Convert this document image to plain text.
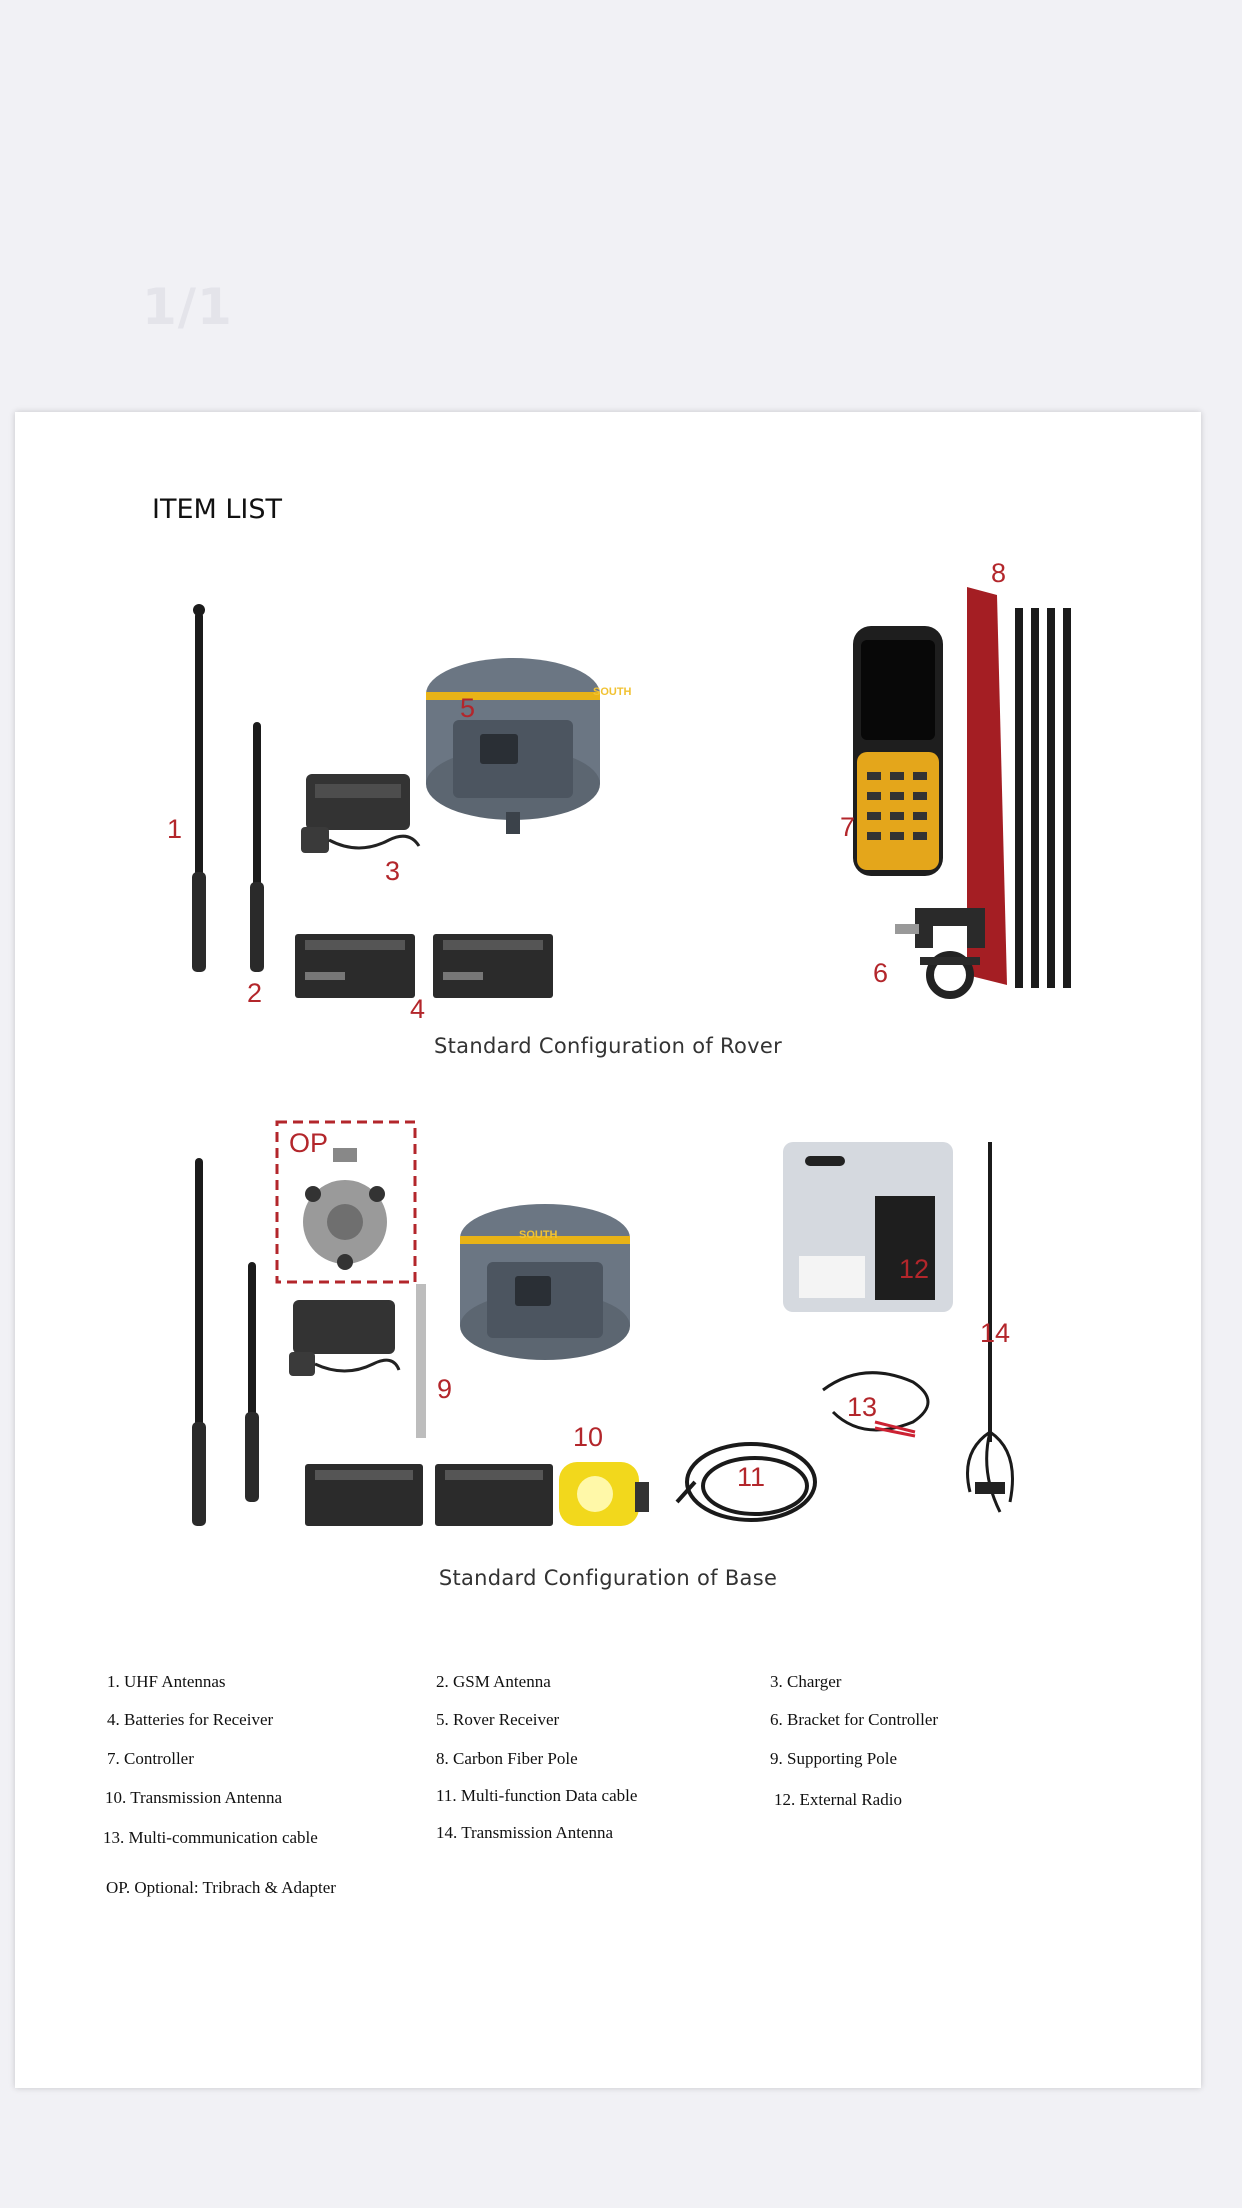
1/1
ITEM LIST
1
2
3
4
5
6
7
8
SOUTH
Standard Configuration of Rover
OP
9
10
11
12
13
14
SOUTH
Standard Configuration of Base
1. UHF Antennas	2. GSM Antenna	3. Charger
4. Batteries for Receiver	5. Rover Receiver	6. Bracket for Controller
7. Controller	8. Carbon Fiber Pole	9. Supporting Pole
10. Transmission Antenna	11. Multi-function Data cable	12. External Radio
13. Multi-communication cable	14. Transmission Antenna
OP. Optional: Tribrach & Adapter
